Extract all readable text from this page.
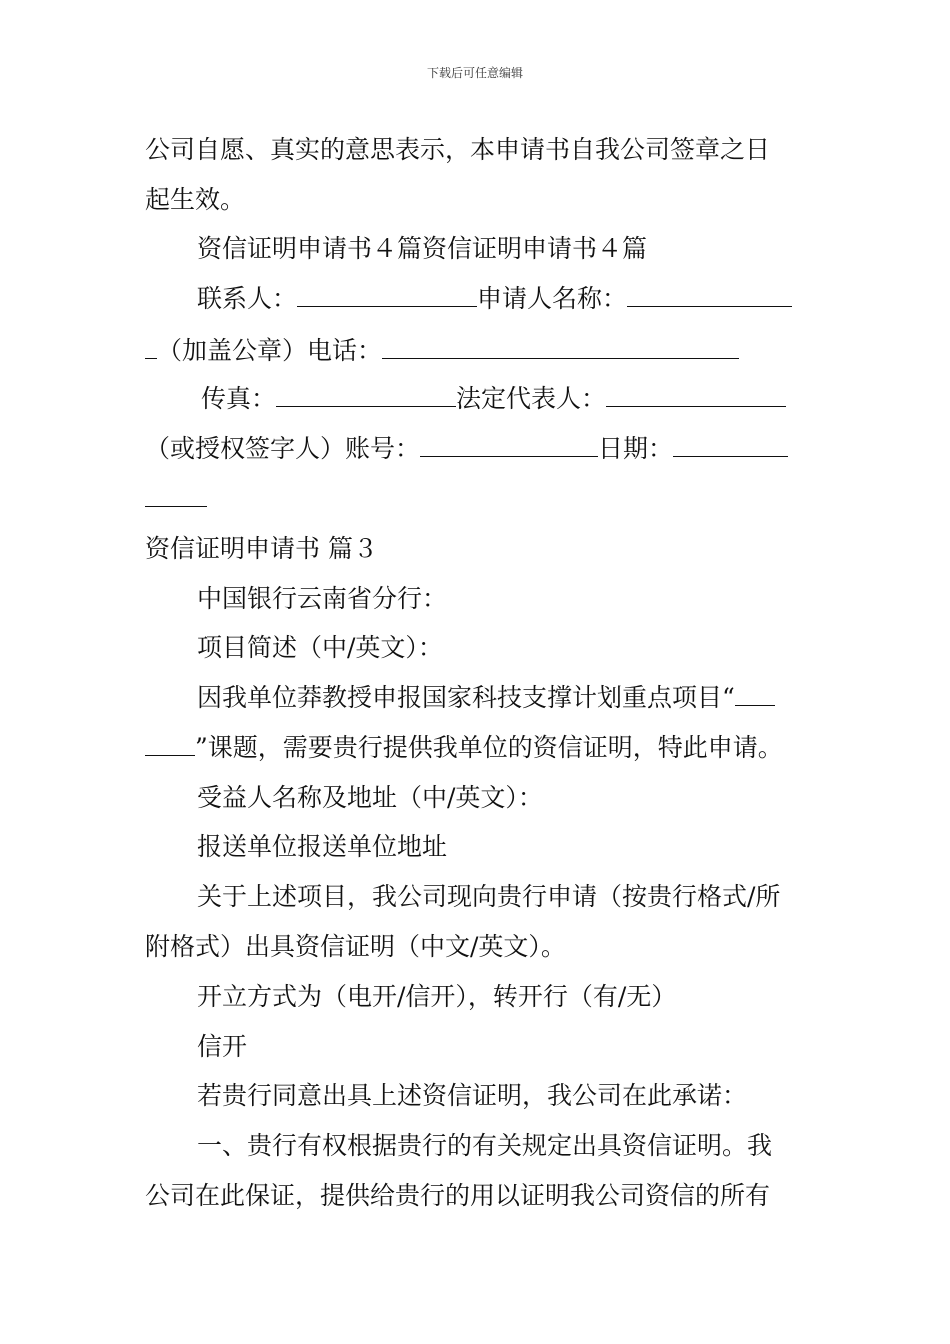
下载后可任意编辑
公司自愿、真实的意思表示，本申请书自我公司签章之日
起生效。
资信证明申请书４篇资信证明申请书４篇
联系人：	申请人名称：
（加盖公章）电话：
传真：	法定代表人：
（或授权签字人）账号：	日期：
资信证明申请书 篇３
中国银行云南省分行：
项目简述（中/英文）：
因我单位莽教授申报国家科技支撑计划重点项目“
”课题，需要贵行提供我单位的资信证明，特此申请。
受益人名称及地址（中/英文）：
报送单位报送单位地址
关于上述项目，我公司现向贵行申请（按贵行格式/所
附格式）出具资信证明（中文/英文）。
开立方式为（电开/信开），转开行（有/无）
信开
若贵行同意出具上述资信证明，我公司在此承诺：
一、贵行有权根据贵行的有关规定出具资信证明。我
公司在此保证，提供给贵行的用以证明我公司资信的所有
